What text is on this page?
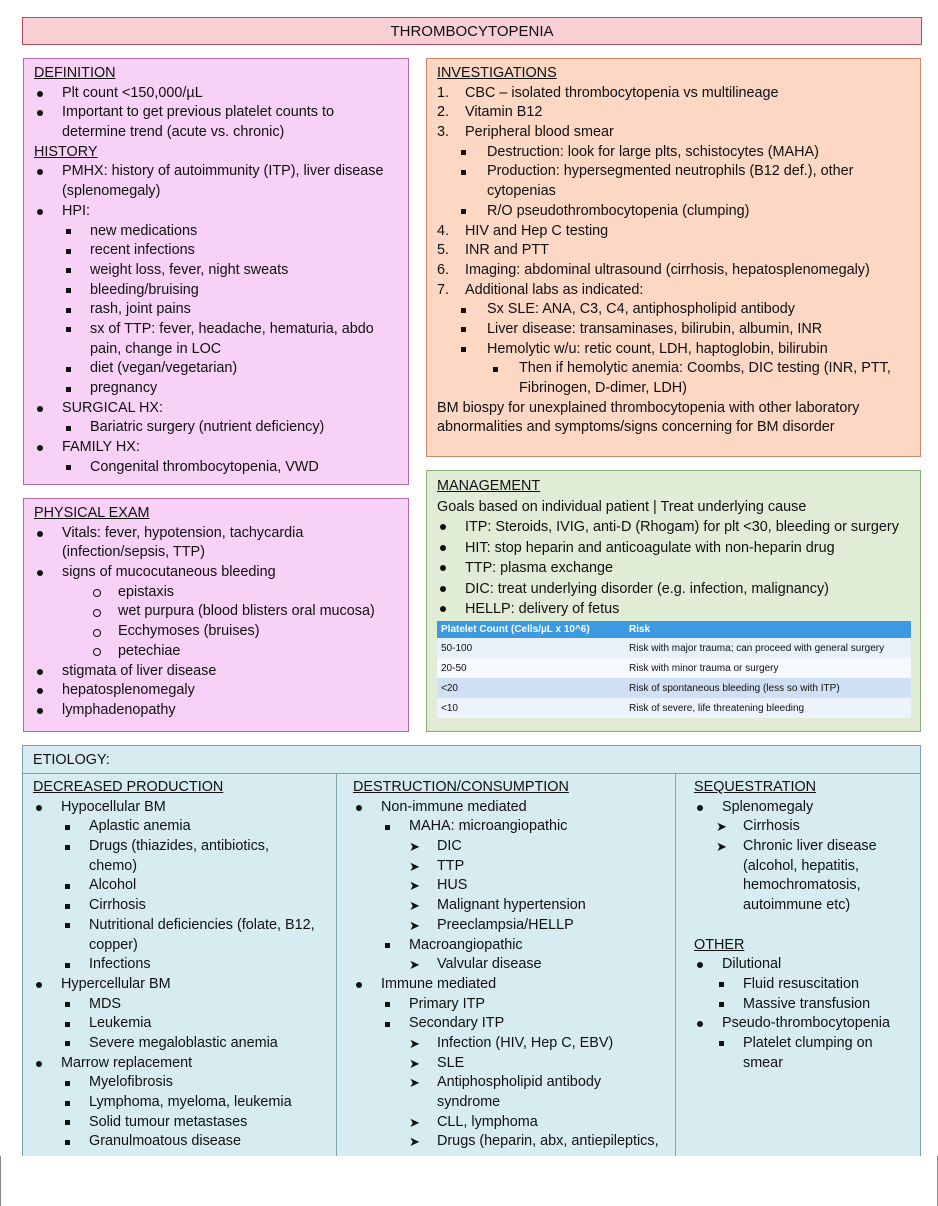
THROMBOCYTOPENIA
DEFINITION
Plt count <150,000/µL
Important to get previous platelet counts to
determine trend (acute vs. chronic)
HISTORY
PMHX: history of autoimmunity (ITP), liver disease
(splenomegaly)
HPI:
new medications
recent infections
weight loss, fever, night sweats
bleeding/bruising
rash, joint pains
sx of TTP: fever, headache, hematuria, abdo
pain, change in LOC
diet (vegan/vegetarian)
pregnancy
SURGICAL HX:
Bariatric surgery (nutrient deficiency)
FAMILY HX:
Congenital thrombocytopenia, VWD
PHYSICAL EXAM
Vitals: fever, hypotension, tachycardia
(infection/sepsis, TTP)
signs of mucocutaneous bleeding
epistaxis
wet purpura (blood blisters oral mucosa)
Ecchymoses (bruises)
petechiae
stigmata of liver disease
hepatosplenomegaly
lymphadenopathy
INVESTIGATIONS
1. CBC – isolated thrombocytopenia vs multilineage
2. Vitamin B12
3. Peripheral blood smear
Destruction: look for large plts, schistocytes (MAHA)
Production: hypersegmented neutrophils (B12 def.), other
cytopenias
R/O pseudothrombocytopenia (clumping)
4. HIV and Hep C testing
5. INR and PTT
6. Imaging: abdominal ultrasound (cirrhosis, hepatosplenomegaly)
7. Additional labs as indicated:
Sx SLE: ANA, C3, C4, antiphospholipid antibody
Liver disease: transaminases, bilirubin, albumin, INR
Hemolytic w/u: retic count, LDH, haptoglobin, bilirubin
Then if hemolytic anemia: Coombs, DIC testing (INR, PTT,
Fibrinogen, D-dimer, LDH)
BM biospy for unexplained thrombocytopenia with other laboratory
abnormalities and symptoms/signs concerning for BM disorder
MANAGEMENT
Goals based on individual patient | Treat underlying cause
ITP: Steroids, IVIG, anti-D (Rhogam) for plt <30, bleeding or surgery
HIT: stop heparin and anticoagulate with non-heparin drug
TTP: plasma exchange
DIC: treat underlying disorder (e.g. infection, malignancy)
HELLP: delivery of fetus
Platelet Count (Cells/µL x 10^6)	Risk
50-100	Risk with major trauma; can proceed with general surgery
20-50	Risk with minor trauma or surgery
<20	Risk of spontaneous bleeding (less so with ITP)
<10	Risk of severe, life threatening bleeding
ETIOLOGY:
DECREASED PRODUCTION
Hypocellular BM
Aplastic anemia
Drugs (thiazides, antibiotics,
chemo)
Alcohol
Cirrhosis
Nutritional deficiencies (folate, B12,
copper)
Infections
Hypercellular BM
MDS
Leukemia
Severe megaloblastic anemia
Marrow replacement
Myelofibrosis
Lymphoma, myeloma, leukemia
Solid tumour metastases
Granulmoatous disease
DESTRUCTION/CONSUMPTION
Non-immune mediated
MAHA: microangiopathic
➤ DIC
➤ TTP
➤ HUS
➤ Malignant hypertension
➤ Preeclampsia/HELLP
Macroangiopathic
➤ Valvular disease
Immune mediated
Primary ITP
Secondary ITP
➤ Infection (HIV, Hep C, EBV)
➤ SLE
➤ Antiphospholipid antibody
syndrome
➤ CLL, lymphoma
➤ Drugs (heparin, abx, antiepileptics,
SEQUESTRATION
Splenomegaly
➤ Cirrhosis
➤ Chronic liver disease
(alcohol, hepatitis,
hemochromatosis,
autoimmune etc)
OTHER
Dilutional
Fluid resuscitation
Massive transfusion
Pseudo-thrombocytopenia
Platelet clumping on
smear
